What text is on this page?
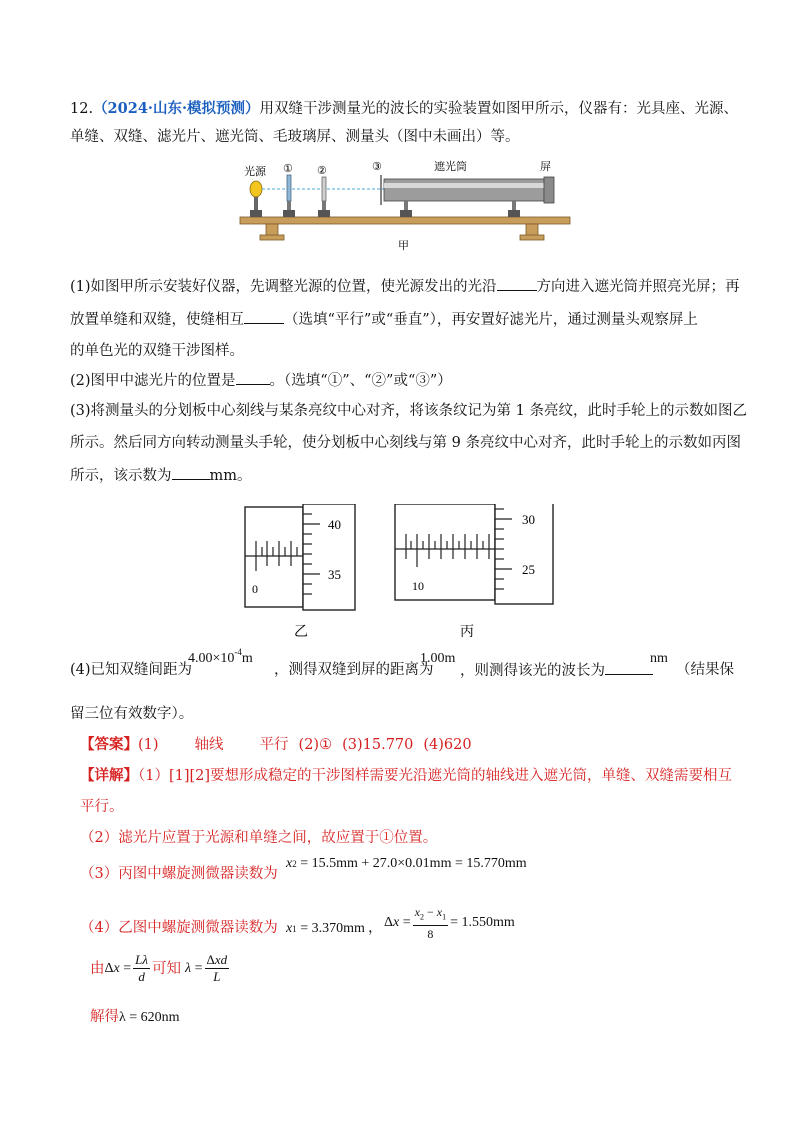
12.（2024·山东·模拟预测）用双缝干涉测量光的波长的实验装置如图甲所示，仪器有：光具座、光源、
单缝、双缝、滤光片、遮光筒、毛玻璃屏、测量头（图中未画出）等。
光源 ① ②	③	遮光筒	屏
甲
(1)如图甲所示安装好仪器，先调整光源的位置，使光源发出的光沿	方向进入遮光筒并照亮光屏；再
放置单缝和双缝，使缝相互	（选填“平行”或“垂直”），再安置好滤光片，通过测量头观察屏上
的单色光的双缝干涉图样。
(2)图甲中滤光片的位置是 。（选填“①”、“②”或“③”）
(3)将测量头的分划板中心刻线与某条亮纹中心对齐，将该条纹记为第 1 条亮纹，此时手轮上的示数如图乙
所示。然后同方向转动测量头手轮，使分划板中心刻线与第 9 条亮纹中心对齐，此时手轮上的示数如丙图
所示，该示数为	mm。
0
40
35
乙
10
30
25
丙
(4)已知双缝间距为
$4.00\times 10^{-4}m$
，测得双缝到屏的距离为
1.00m
，则测得该光的波长为
nm
（结果保
留三位有效数字）。
【答案】(1) 轴线 平行 (2)① (3)15.770 (4)620
【详解】（1）[1][2]要想形成稳定的干涉图样需要光沿遮光筒的轴线进入遮光筒，单缝、双缝需要相互
平行。
（2）滤光片应置于光源和单缝之间，故应置于①位置。
（3）丙图中螺旋测微器读数为
x2 = 15.5mm + 27.0×0.01mm = 15.770mm
（4）乙图中螺旋测微器读数为 x1 = 3.370mm ， $\Delta x = \frac{x_2 - x_1}{8} = 1.550mm$
由 $\Delta x = \frac{L\lambda}{d}$ 可知 $\lambda = \frac{\text{Δxd}}{L}$
解得λ = 620nm
